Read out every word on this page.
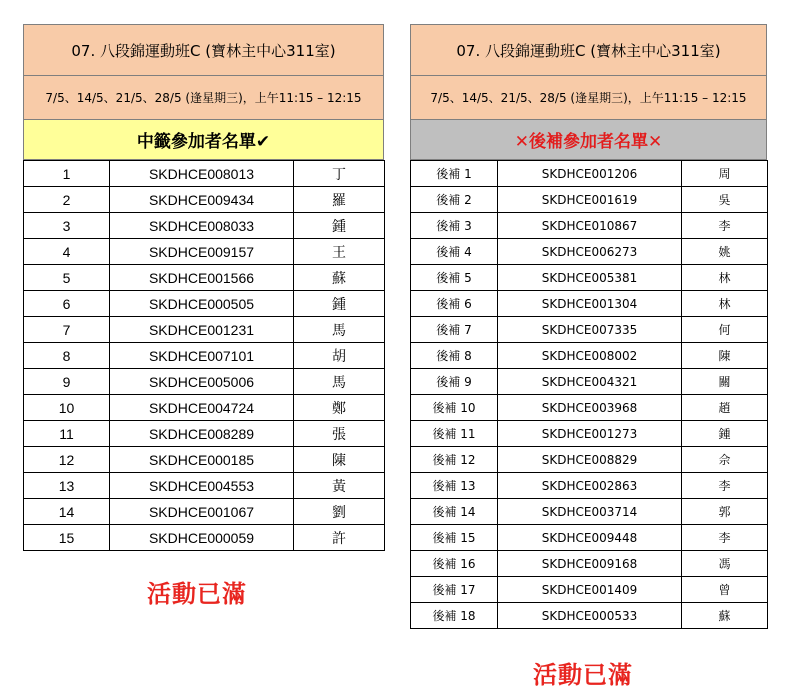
07. 八段錦運動班C (寶林主中心311室)
7/5、14/5、21/5、28/5 (逢星期三)，上午11:15 – 12:15
中籤參加者名單✔
1	SKDHCE008013	丁
2	SKDHCE009434	羅
3	SKDHCE008033	鍾
4	SKDHCE009157	王
5	SKDHCE001566	蘇
6	SKDHCE000505	鍾
7	SKDHCE001231	馬
8	SKDHCE007101	胡
9	SKDHCE005006	馬
10	SKDHCE004724	鄭
11	SKDHCE008289	張
12	SKDHCE000185	陳
13	SKDHCE004553	黃
14	SKDHCE001067	劉
15	SKDHCE000059	許
活動已滿
07. 八段錦運動班C (寶林主中心311室)
7/5、14/5、21/5、28/5 (逢星期三)，上午11:15 – 12:15
✕後補參加者名單✕
後補 1	SKDHCE001206	周
後補 2	SKDHCE001619	吳
後補 3	SKDHCE010867	李
後補 4	SKDHCE006273	姚
後補 5	SKDHCE005381	林
後補 6	SKDHCE001304	林
後補 7	SKDHCE007335	何
後補 8	SKDHCE008002	陳
後補 9	SKDHCE004321	關
後補 10	SKDHCE003968	趙
後補 11	SKDHCE001273	鍾
後補 12	SKDHCE008829	佘
後補 13	SKDHCE002863	李
後補 14	SKDHCE003714	郭
後補 15	SKDHCE009448	李
後補 16	SKDHCE009168	馮
後補 17	SKDHCE001409	曾
後補 18	SKDHCE000533	蘇
活動已滿
